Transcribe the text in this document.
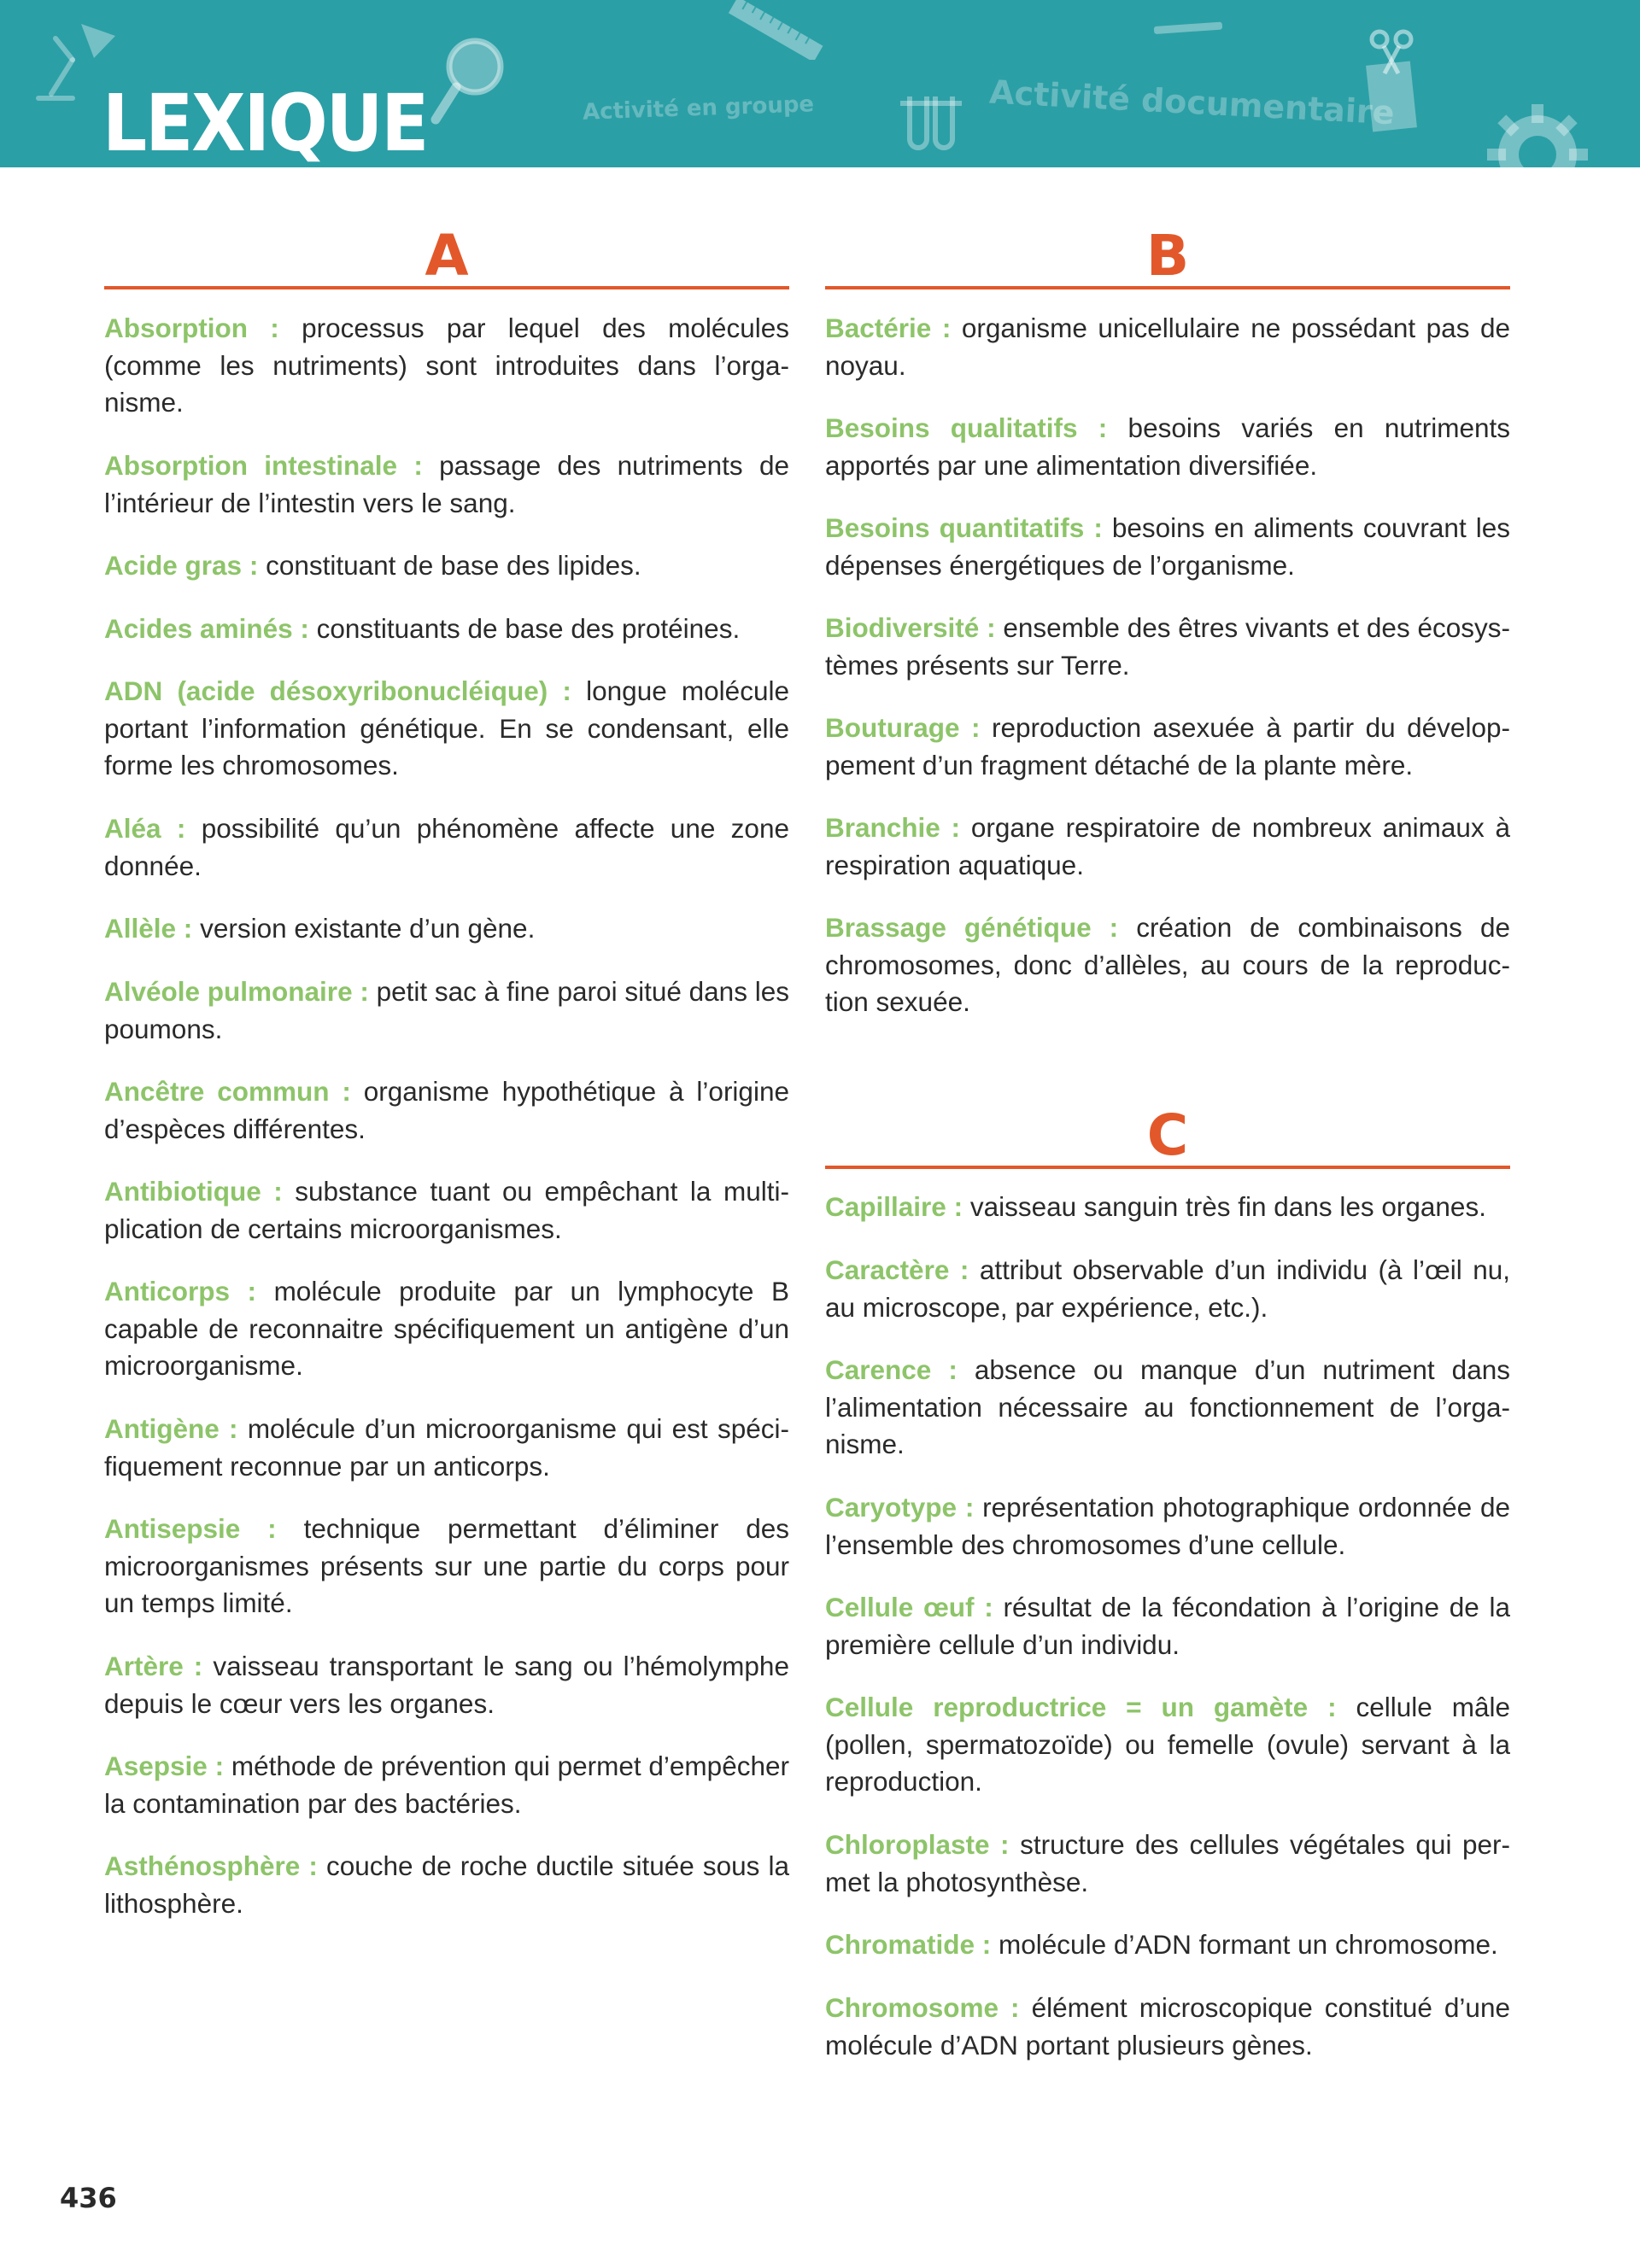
LEXIQUE	Activité en groupe	Activité documentaire
A

Absorption : processus par lequel des molécules (comme les nutriments) sont introduites dans l’organisme.

Absorption intestinale : passage des nutriments de l’intérieur de l’intestin vers le sang.

Acide gras : constituant de base des lipides.

Acides aminés : constituants de base des protéines.

ADN (acide désoxyribonucléique) : longue molécule portant l’information génétique. En se condensant, elle forme les chromosomes.

Aléa : possibilité qu’un phénomène affecte une zone donnée.

Allèle : version existante d’un gène.

Alvéole pulmonaire : petit sac à fine paroi situé dans les poumons.

Ancêtre commun : organisme hypothétique à l’origine d’espèces différentes.

Antibiotique : substance tuant ou empêchant la multiplication de certains microorganismes.

Anticorps : molécule produite par un lymphocyte B capable de reconnaitre spécifiquement un antigène d’un microorganisme.

Antigène : molécule d’un microorganisme qui est spécifiquement reconnue par un anticorps.

Antisepsie : technique permettant d’éliminer des microorganismes présents sur une partie du corps pour un temps limité.

Artère : vaisseau transportant le sang ou l’hémolymphe depuis le cœur vers les organes.

Asepsie : méthode de prévention qui permet d’empêcher la contamination par des bactéries.

Asthénosphère : couche de roche ductile située sous la lithosphère.

B

Bactérie : organisme unicellulaire ne possédant pas de noyau.

Besoins qualitatifs : besoins variés en nutriments apportés par une alimentation diversifiée.

Besoins quantitatifs : besoins en aliments couvrant les dépenses énergétiques de l’organisme.

Biodiversité : ensemble des êtres vivants et des écosystèmes présents sur Terre.

Bouturage : reproduction asexuée à partir du développement d’un fragment détaché de la plante mère.

Branchie : organe respiratoire de nombreux animaux à respiration aquatique.

Brassage génétique : création de combinaisons de chromosomes, donc d’allèles, au cours de la reproduction sexuée.

C

Capillaire : vaisseau sanguin très fin dans les organes.

Caractère : attribut observable d’un individu (à l’œil nu, au microscope, par expérience, etc.).

Carence : absence ou manque d’un nutriment dans l’alimentation nécessaire au fonctionnement de l’organisme.

Caryotype : représentation photographique ordonnée de l’ensemble des chromosomes d’une cellule.

Cellule œuf : résultat de la fécondation à l’origine de la première cellule d’un individu.

Cellule reproductrice = un gamète : cellule mâle (pollen, spermatozoïde) ou femelle (ovule) servant à la reproduction.

Chloroplaste : structure des cellules végétales qui permet la photosynthèse.

Chromatide : molécule d’ADN formant un chromosome.

Chromosome : élément microscopique constitué d’une molécule d’ADN portant plusieurs gènes.

436
